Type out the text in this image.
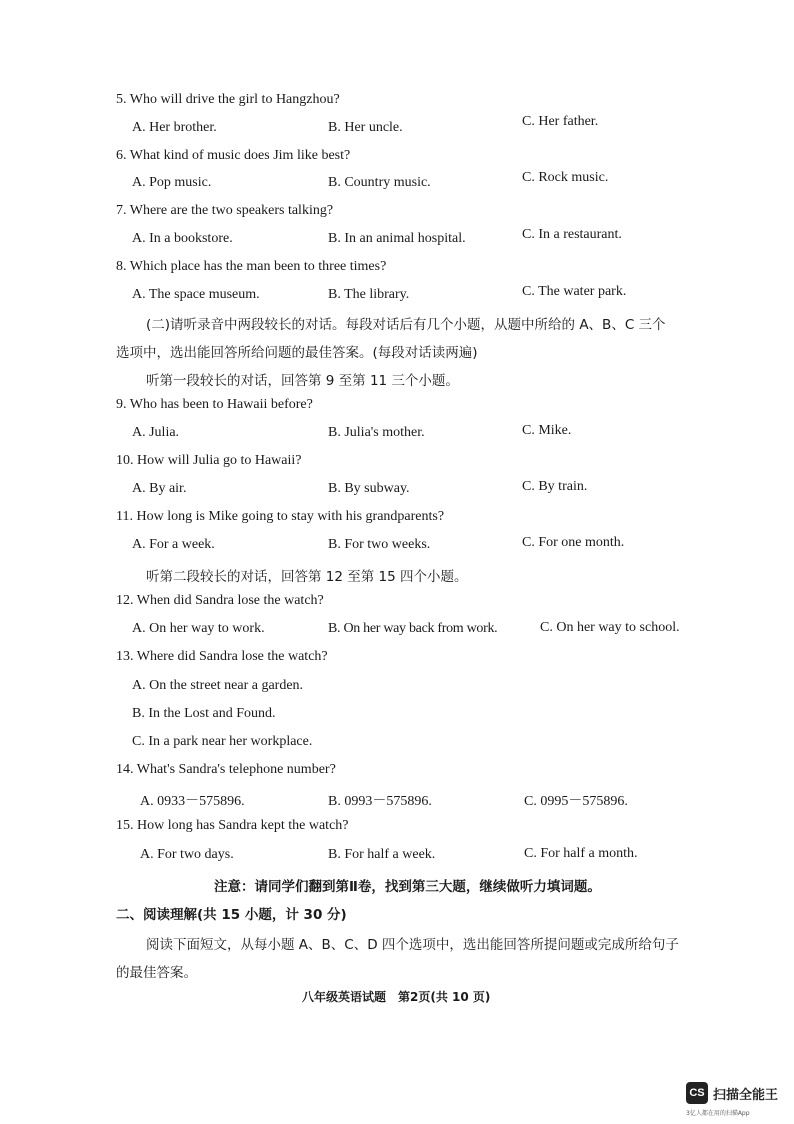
5. Who will drive the girl to Hangzhou?
A. Her brother.	B. Her uncle.	C. Her father.
6. What kind of music does Jim like best?
A. Pop music.	B. Country music.	C. Rock music.
7. Where are the two speakers talking?
A. In a bookstore.	B. In an animal hospital.	C. In a restaurant.
8. Which place has the man been to three times?
A. The space museum.	B. The library.	C. The water park.
(二)请听录音中两段较长的对话。每段对话后有几个小题，从题中所给的 A、B、C 三个
选项中，选出能回答所给问题的最佳答案。(每段对话读两遍)
听第一段较长的对话，回答第 9 至第 11 三个小题。
9. Who has been to Hawaii before?
A. Julia.	B. Julia's mother.	C. Mike.
10. How will Julia go to Hawaii?
A. By air.	B. By subway.	C. By train.
11. How long is Mike going to stay with his grandparents?
A. For a week.	B. For two weeks.	C. For one month.
听第二段较长的对话，回答第 12 至第 15 四个小题。
12. When did Sandra lose the watch?
A. On her way to work.	B. On her way back from work.	C. On her way to school.
13. Where did Sandra lose the watch?
A. On the street near a garden.
B. In the Lost and Found.
C. In a park near her workplace.
14. What's Sandra's telephone number?
A. 0933－575896.	B. 0993－575896.	C. 0995－575896.
15. How long has Sandra kept the watch?
A. For two days.	B. For half a week.	C. For half a month.
注意：请同学们翻到第Ⅱ卷，找到第三大题，继续做听力填词题。
二、阅读理解(共 15 小题，计 30 分)
阅读下面短文，从每小题 A、B、C、D 四个选项中，选出能回答所提问题或完成所给句子
的最佳答案。
八年级英语试题　第2页(共 10 页)
CS 扫描全能王
3亿人都在用的扫描App
